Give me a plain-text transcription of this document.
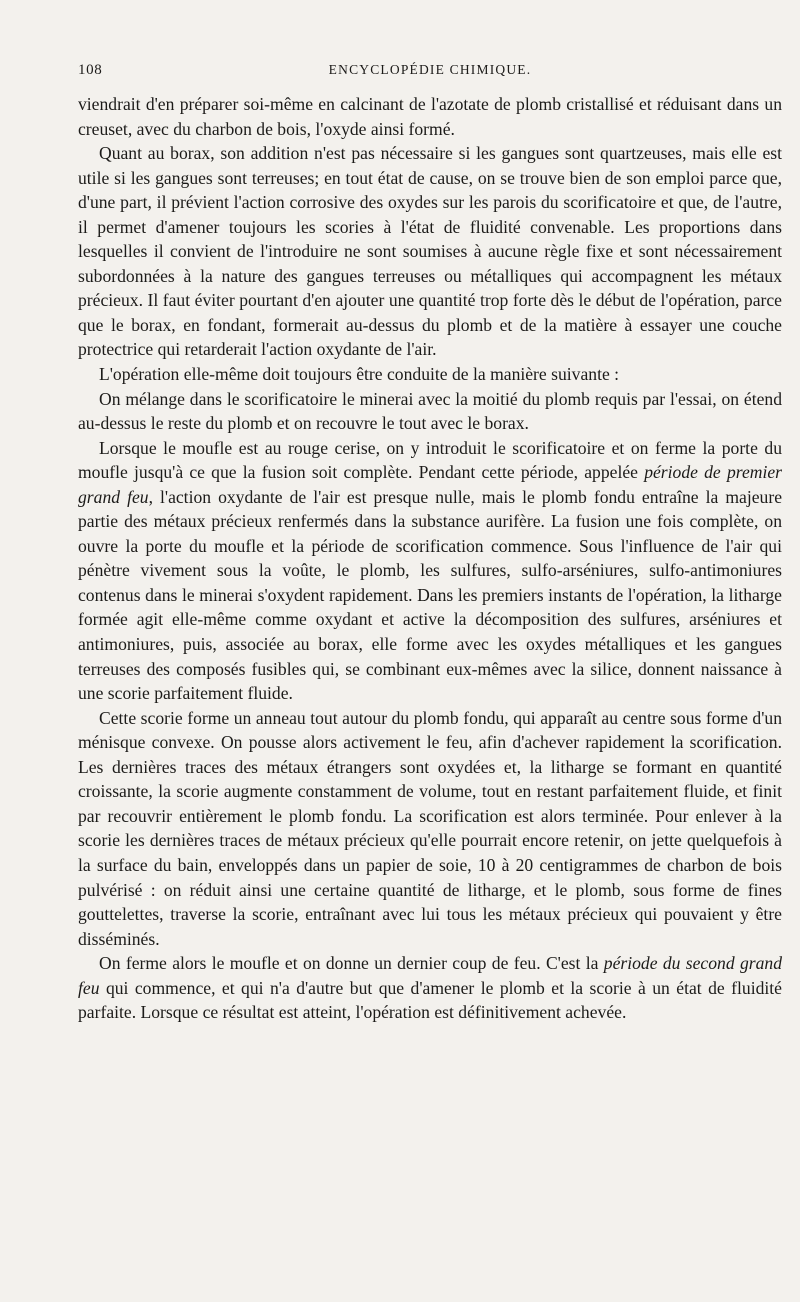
108	ENCYCLOPÉDIE CHIMIQUE.

viendrait d'en préparer soi-même en calcinant de l'azotate de plomb cristallisé et réduisant dans un creuset, avec du charbon de bois, l'oxyde ainsi formé.

Quant au borax, son addition n'est pas nécessaire si les gangues sont quartzeuses, mais elle est utile si les gangues sont terreuses; en tout état de cause, on se trouve bien de son emploi parce que, d'une part, il prévient l'action corrosive des oxydes sur les parois du scorificatoire et que, de l'autre, il permet d'amener toujours les scories à l'état de fluidité convenable. Les proportions dans lesquelles il convient de l'introduire ne sont soumises à aucune règle fixe et sont nécessairement subordonnées à la nature des gangues terreuses ou métalliques qui accompagnent les métaux précieux. Il faut éviter pourtant d'en ajouter une quantité trop forte dès le début de l'opération, parce que le borax, en fondant, formerait au-dessus du plomb et de la matière à essayer une couche protectrice qui retarderait l'action oxydante de l'air.

L'opération elle-même doit toujours être conduite de la manière suivante :

On mélange dans le scorificatoire le minerai avec la moitié du plomb requis par l'essai, on étend au-dessus le reste du plomb et on recouvre le tout avec le borax.

Lorsque le moufle est au rouge cerise, on y introduit le scorificatoire et on ferme la porte du moufle jusqu'à ce que la fusion soit complète. Pendant cette période, appelée période de premier grand feu, l'action oxydante de l'air est presque nulle, mais le plomb fondu entraîne la majeure partie des métaux précieux renfermés dans la substance aurifère. La fusion une fois complète, on ouvre la porte du moufle et la période de scorification commence. Sous l'influence de l'air qui pénètre vivement sous la voûte, le plomb, les sulfures, sulfo-arséniures, sulfo-antimoniures contenus dans le minerai s'oxydent rapidement. Dans les premiers instants de l'opération, la litharge formée agit elle-même comme oxydant et active la décomposition des sulfures, arséniures et antimoniures, puis, associée au borax, elle forme avec les oxydes métalliques et les gangues terreuses des composés fusibles qui, se combinant eux-mêmes avec la silice, donnent naissance à une scorie parfaitement fluide.

Cette scorie forme un anneau tout autour du plomb fondu, qui apparaît au centre sous forme d'un ménisque convexe. On pousse alors activement le feu, afin d'achever rapidement la scorification. Les dernières traces des métaux étrangers sont oxydées et, la litharge se formant en quantité croissante, la scorie augmente constamment de volume, tout en restant parfaitement fluide, et finit par recouvrir entièrement le plomb fondu. La scorification est alors terminée. Pour enlever à la scorie les dernières traces de métaux précieux qu'elle pourrait encore retenir, on jette quelquefois à la surface du bain, enveloppés dans un papier de soie, 10 à 20 centigrammes de charbon de bois pulvérisé : on réduit ainsi une certaine quantité de litharge, et le plomb, sous forme de fines gouttelettes, traverse la scorie, entraînant avec lui tous les métaux précieux qui pouvaient y être disséminés.

On ferme alors le moufle et on donne un dernier coup de feu. C'est la période du second grand feu qui commence, et qui n'a d'autre but que d'amener le plomb et la scorie à un état de fluidité parfaite. Lorsque ce résultat est atteint, l'opération est définitivement achevée.
